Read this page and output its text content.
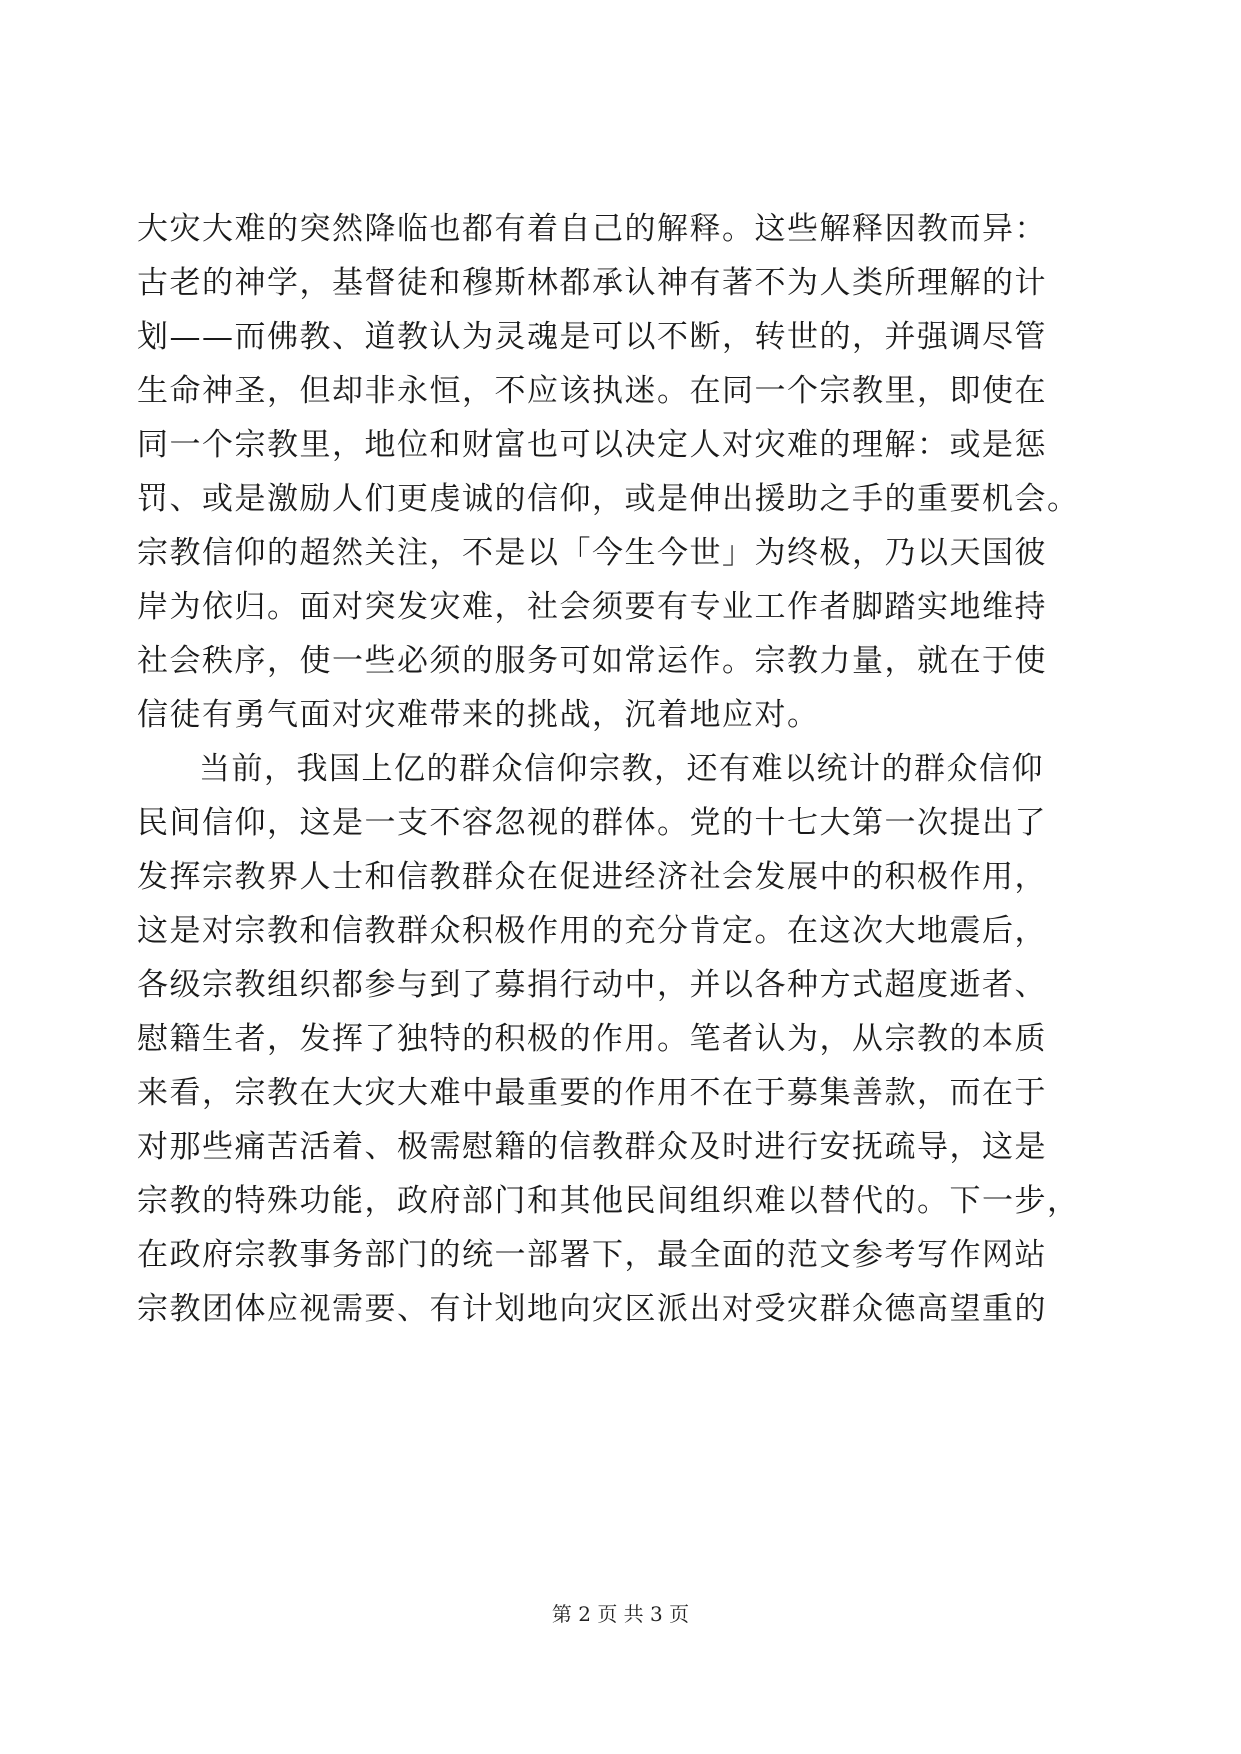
大灾大难的突然降临也都有着自己的解释。这些解释因教而异：
古老的神学，基督徒和穆斯林都承认神有著不为人类所理解的计
划——而佛教、道教认为灵魂是可以不断，转世的，并强调尽管
生命神圣，但却非永恒，不应该执迷。在同一个宗教里，即使在
同一个宗教里，地位和财富也可以决定人对灾难的理解：或是惩
罚、或是激励人们更虔诚的信仰，或是伸出援助之手的重要机会。
宗教信仰的超然关注，不是以「今生今世」为终极，乃以天国彼
岸为依归。面对突发灾难，社会须要有专业工作者脚踏实地维持
社会秩序，使一些必须的服务可如常运作。宗教力量，就在于使
信徒有勇气面对灾难带来的挑战，沉着地应对。
当前，我国上亿的群众信仰宗教，还有难以统计的群众信仰
民间信仰，这是一支不容忽视的群体。党的十七大第一次提出了
发挥宗教界人士和信教群众在促进经济社会发展中的积极作用，
这是对宗教和信教群众积极作用的充分肯定。在这次大地震后，
各级宗教组织都参与到了募捐行动中，并以各种方式超度逝者、
慰籍生者，发挥了独特的积极的作用。笔者认为，从宗教的本质
来看，宗教在大灾大难中最重要的作用不在于募集善款，而在于
对那些痛苦活着、极需慰籍的信教群众及时进行安抚疏导，这是
宗教的特殊功能，政府部门和其他民间组织难以替代的。下一步，
在政府宗教事务部门的统一部署下，最全面的范文参考写作网站
宗教团体应视需要、有计划地向灾区派出对受灾群众德高望重的
第 2 页 共 3 页
